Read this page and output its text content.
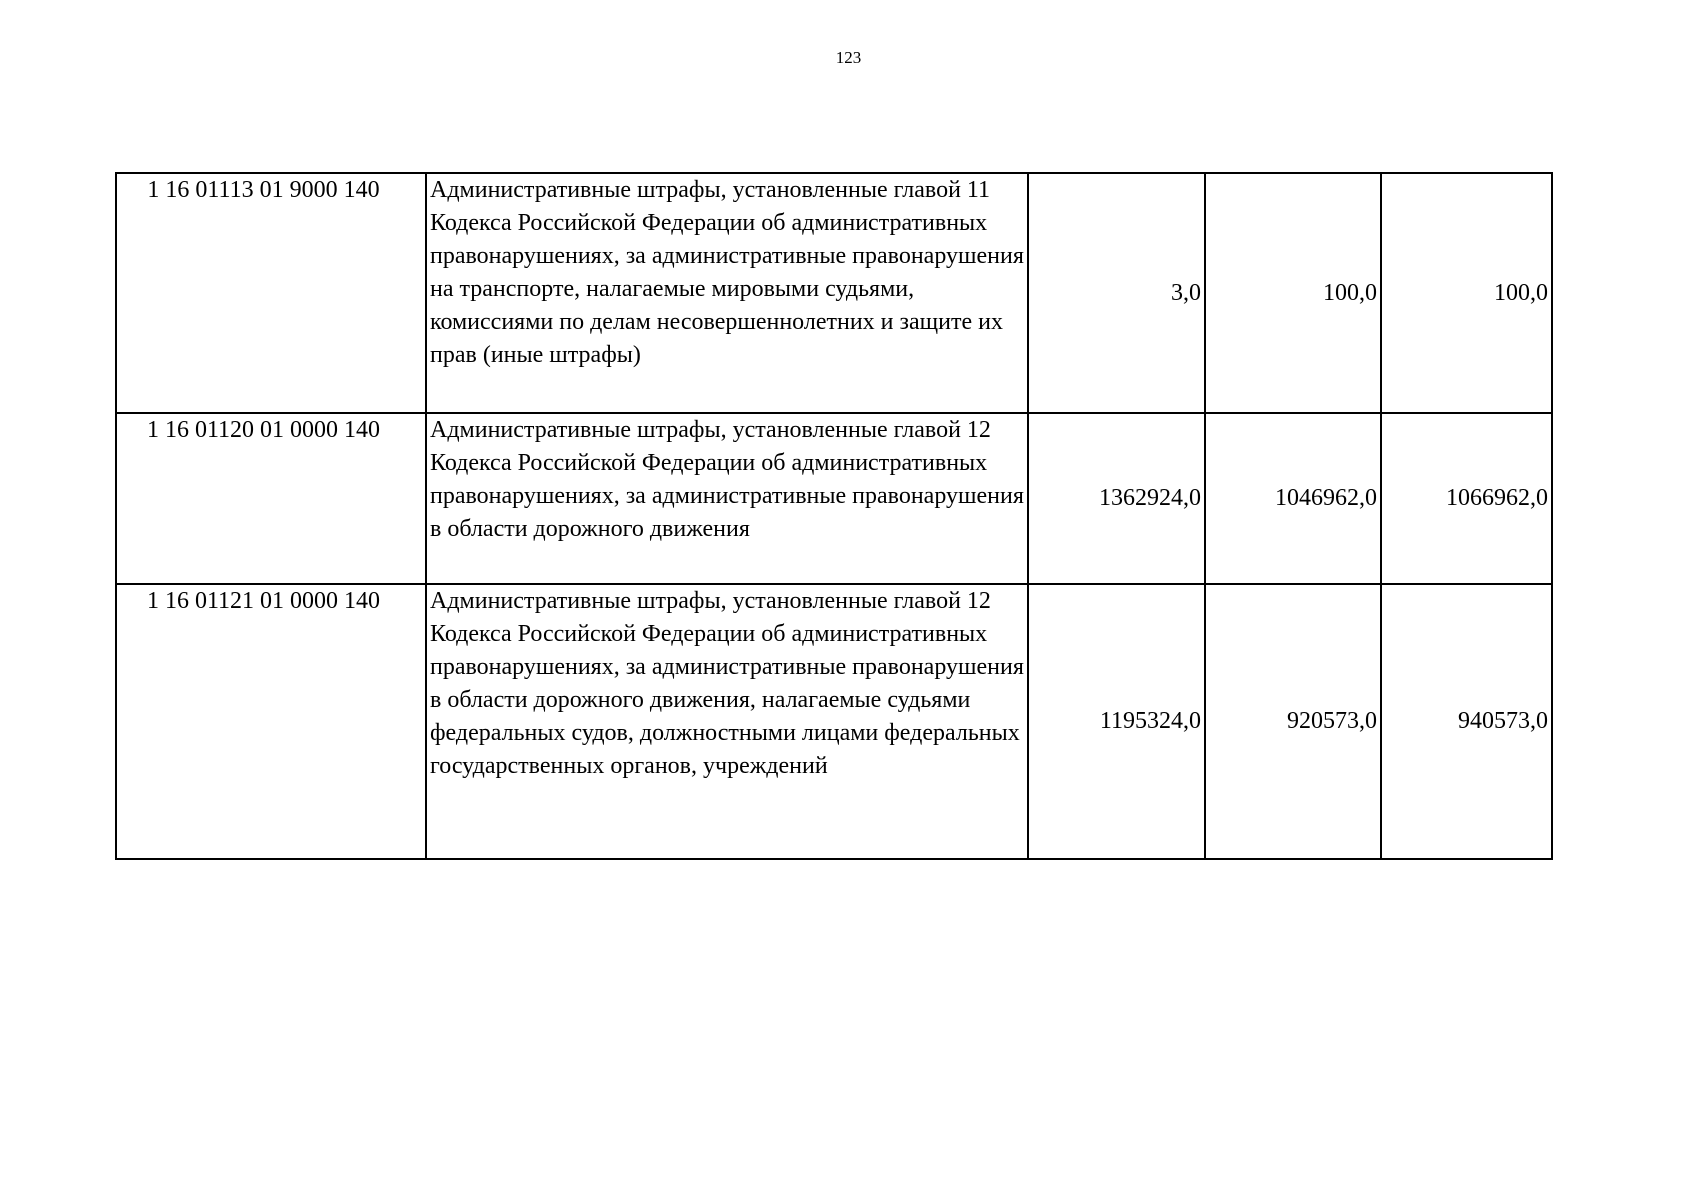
123
1 16 01113 01 9000 140	Административные штрафы, установленные главой 11 Кодекса Российской Федерации об административных правонарушениях, за административные правонарушения на транспорте, налагаемые мировыми судьями, комиссиями по делам несовершеннолетних и защите их прав (иные штрафы)	3,0	100,0	100,0
1 16 01120 01 0000 140	Административные штрафы, установленные главой 12 Кодекса Российской Федерации об административных правонарушениях, за административные правонарушения в области дорожного движения	1362924,0	1046962,0	1066962,0
1 16 01121 01 0000 140	Административные штрафы, установленные главой 12 Кодекса Российской Федерации об административных правонарушениях, за административные правонарушения в области дорожного движения, налагаемые судьями федеральных судов, должностными лицами федеральных государственных органов, учреждений	1195324,0	920573,0	940573,0
